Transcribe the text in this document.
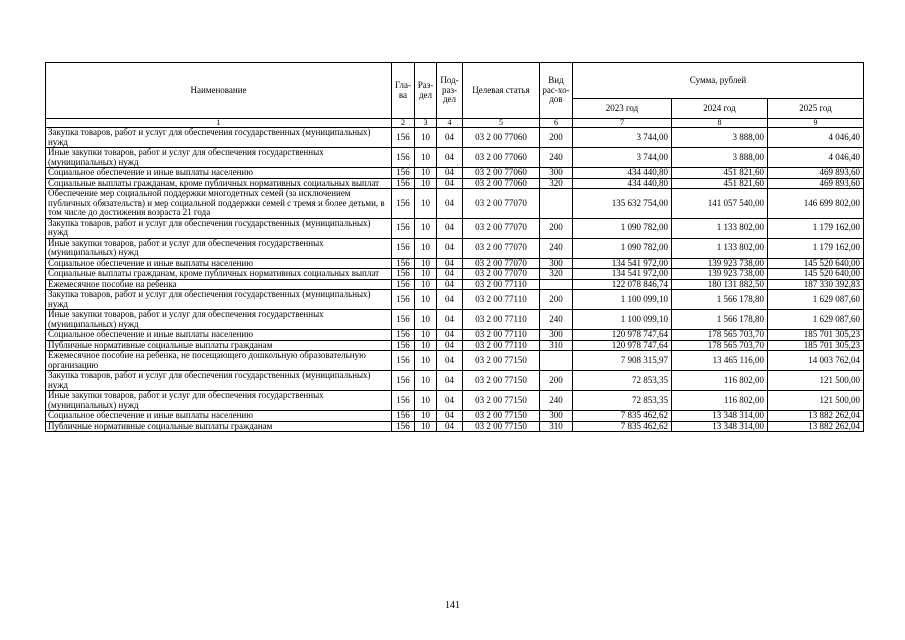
Наименование	Гла-ва	Раз-дел	Под-раз-дел	Целевая статья	Вид рас-хо-дов	Сумма, рублей		
						2023 год	2024 год	2025 год
1	2	3	4	5	6	7	8	9
Закупка товаров, работ и услуг для обеспечения государственных (муниципальных) нужд	156	10	04	03 2 00 77060	200	3 744,00	3 888,00	4 046,40
Иные закупки товаров, работ и услуг для обеспечения государственных (муниципальных) нужд	156	10	04	03 2 00 77060	240	3 744,00	3 888,00	4 046,40
Социальное обеспечение и иные выплаты населению	156	10	04	03 2 00 77060	300	434 440,80	451 821,60	469 893,60
Социальные выплаты гражданам, кроме публичных нормативных социальных выплат	156	10	04	03 2 00 77060	320	434 440,80	451 821,60	469 893,60
Обеспечение мер социальной поддержки многодетных семей (за исключением публичных обязательств) и мер социальной поддержки семей с тремя и более детьми, в том числе до достижения возраста 21 года	156	10	04	03 2 00 77070		135 632 754,00	141 057 540,00	146 699 802,00
Закупка товаров, работ и услуг для обеспечения государственных (муниципальных) нужд	156	10	04	03 2 00 77070	200	1 090 782,00	1 133 802,00	1 179 162,00
Иные закупки товаров, работ и услуг для обеспечения государственных (муниципальных) нужд	156	10	04	03 2 00 77070	240	1 090 782,00	1 133 802,00	1 179 162,00
Социальное обеспечение и иные выплаты населению	156	10	04	03 2 00 77070	300	134 541 972,00	139 923 738,00	145 520 640,00
Социальные выплаты гражданам, кроме публичных нормативных социальных выплат	156	10	04	03 2 00 77070	320	134 541 972,00	139 923 738,00	145 520 640,00
Ежемесячное пособие на ребенка	156	10	04	03 2 00 77110		122 078 846,74	180 131 882,50	187 330 392,83
Закупка товаров, работ и услуг для обеспечения государственных (муниципальных) нужд	156	10	04	03 2 00 77110	200	1 100 099,10	1 566 178,80	1 629 087,60
Иные закупки товаров, работ и услуг для обеспечения государственных (муниципальных) нужд	156	10	04	03 2 00 77110	240	1 100 099,10	1 566 178,80	1 629 087,60
Социальное обеспечение и иные выплаты населению	156	10	04	03 2 00 77110	300	120 978 747,64	178 565 703,70	185 701 305,23
Публичные нормативные социальные выплаты гражданам	156	10	04	03 2 00 77110	310	120 978 747,64	178 565 703,70	185 701 305,23
Ежемесячное пособие на ребенка, не посещающего дошкольную образовательную организацию	156	10	04	03 2 00 77150		7 908 315,97	13 465 116,00	14 003 762,04
Закупка товаров, работ и услуг для обеспечения государственных (муниципальных) нужд	156	10	04	03 2 00 77150	200	72 853,35	116 802,00	121 500,00
Иные закупки товаров, работ и услуг для обеспечения государственных (муниципальных) нужд	156	10	04	03 2 00 77150	240	72 853,35	116 802,00	121 500,00
Социальное обеспечение и иные выплаты населению	156	10	04	03 2 00 77150	300	7 835 462,62	13 348 314,00	13 882 262,04
Публичные нормативные социальные выплаты гражданам	156	10	04	03 2 00 77150	310	7 835 462,62	13 348 314,00	13 882 262,04
141
